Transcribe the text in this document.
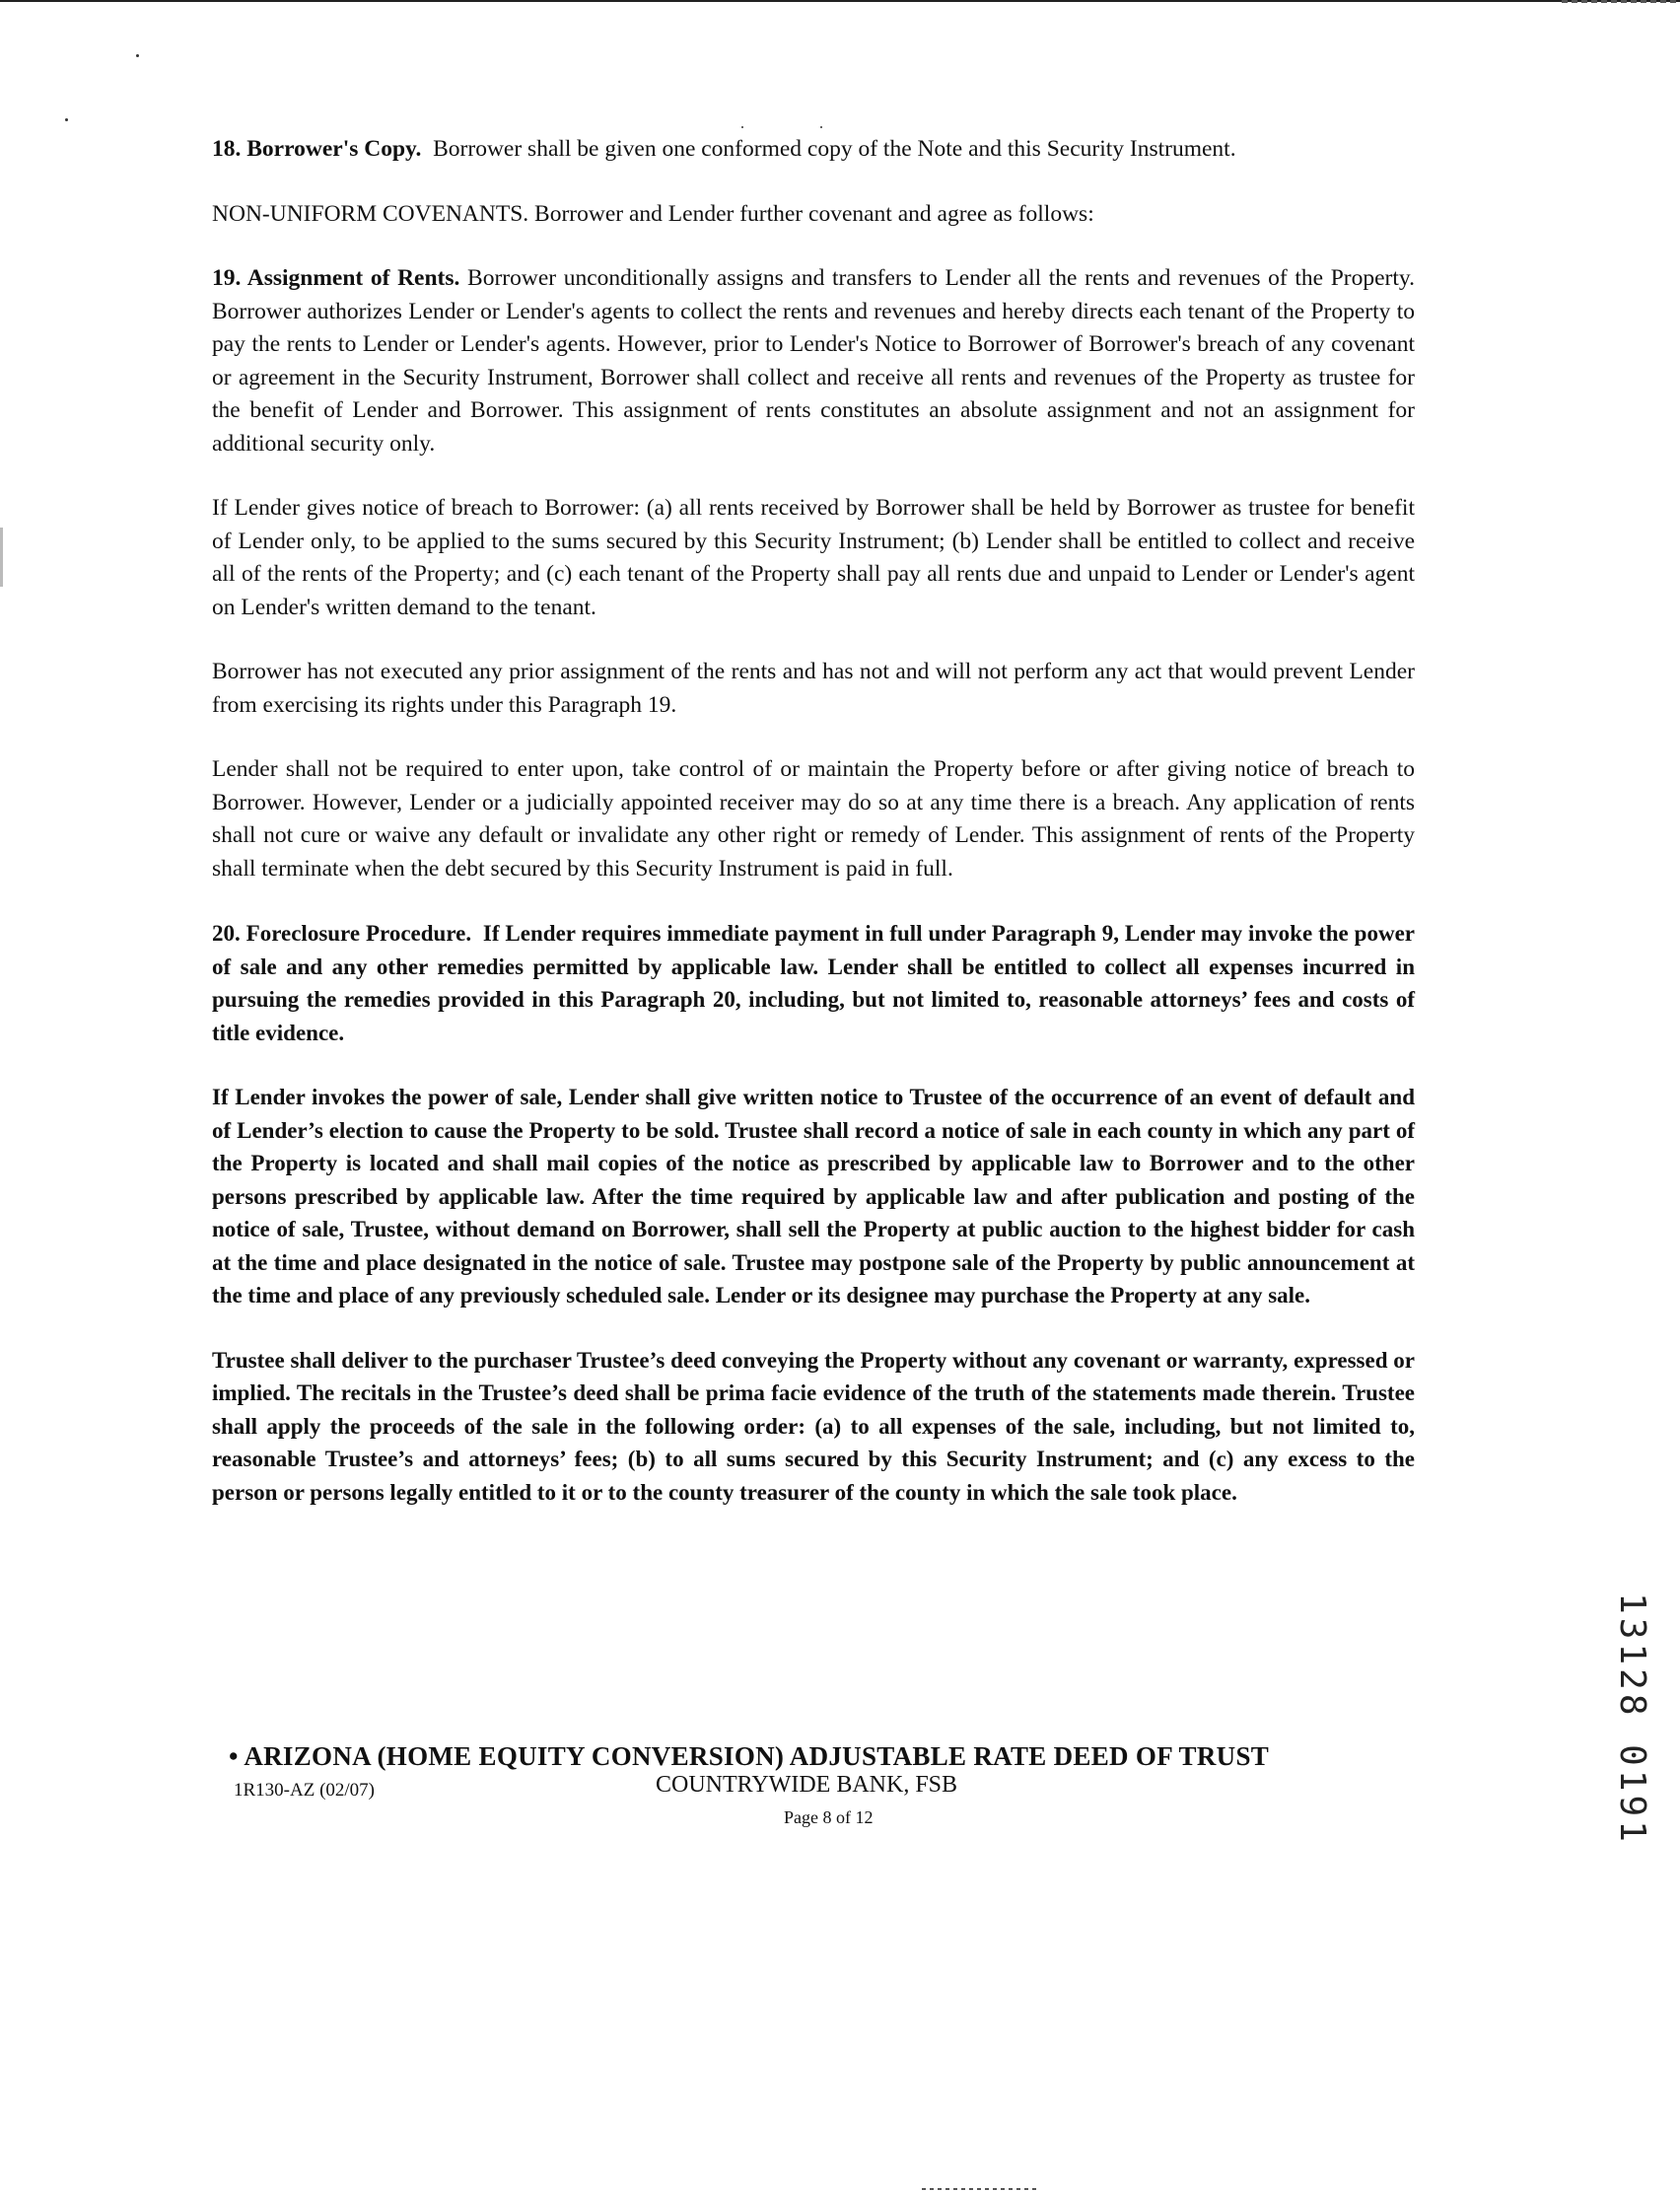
18. Borrower's Copy. Borrower shall be given one conformed copy of the Note and this Security Instrument.

NON-UNIFORM COVENANTS. Borrower and Lender further covenant and agree as follows:

19. Assignment of Rents. Borrower unconditionally assigns and transfers to Lender all the rents and revenues of the Property. Borrower authorizes Lender or Lender's agents to collect the rents and revenues and hereby directs each tenant of the Property to pay the rents to Lender or Lender's agents. However, prior to Lender's Notice to Borrower of Borrower's breach of any covenant or agreement in the Security Instrument, Borrower shall collect and receive all rents and revenues of the Property as trustee for the benefit of Lender and Borrower. This assignment of rents constitutes an absolute assignment and not an assignment for additional security only.

If Lender gives notice of breach to Borrower: (a) all rents received by Borrower shall be held by Borrower as trustee for benefit of Lender only, to be applied to the sums secured by this Security Instrument; (b) Lender shall be entitled to collect and receive all of the rents of the Property; and (c) each tenant of the Property shall pay all rents due and unpaid to Lender or Lender's agent on Lender's written demand to the tenant.

Borrower has not executed any prior assignment of the rents and has not and will not perform any act that would prevent Lender from exercising its rights under this Paragraph 19.

Lender shall not be required to enter upon, take control of or maintain the Property before or after giving notice of breach to Borrower. However, Lender or a judicially appointed receiver may do so at any time there is a breach. Any application of rents shall not cure or waive any default or invalidate any other right or remedy of Lender. This assignment of rents of the Property shall terminate when the debt secured by this Security Instrument is paid in full.

20. Foreclosure Procedure. If Lender requires immediate payment in full under Paragraph 9, Lender may invoke the power of sale and any other remedies permitted by applicable law. Lender shall be entitled to collect all expenses incurred in pursuing the remedies provided in this Paragraph 20, including, but not limited to, reasonable attorneys’ fees and costs of title evidence.

If Lender invokes the power of sale, Lender shall give written notice to Trustee of the occurrence of an event of default and of Lender’s election to cause the Property to be sold. Trustee shall record a notice of sale in each county in which any part of the Property is located and shall mail copies of the notice as prescribed by applicable law to Borrower and to the other persons prescribed by applicable law. After the time required by applicable law and after publication and posting of the notice of sale, Trustee, without demand on Borrower, shall sell the Property at public auction to the highest bidder for cash at the time and place designated in the notice of sale. Trustee may postpone sale of the Property by public announcement at the time and place of any previously scheduled sale. Lender or its designee may purchase the Property at any sale.

Trustee shall deliver to the purchaser Trustee’s deed conveying the Property without any covenant or warranty, expressed or implied. The recitals in the Trustee’s deed shall be prima facie evidence of the truth of the statements made therein. Trustee shall apply the proceeds of the sale in the following order: (a) to all expenses of the sale, including, but not limited to, reasonable Trustee’s and attorneys’ fees; (b) to all sums secured by this Security Instrument; and (c) any excess to the person or persons legally entitled to it or to the county treasurer of the county in which the sale took place.

• ARIZONA (HOME EQUITY CONVERSION) ADJUSTABLE RATE DEED OF TRUST
1R130-AZ (02/07)	COUNTRYWIDE BANK, FSB
Page 8 of 12	13128 0191
